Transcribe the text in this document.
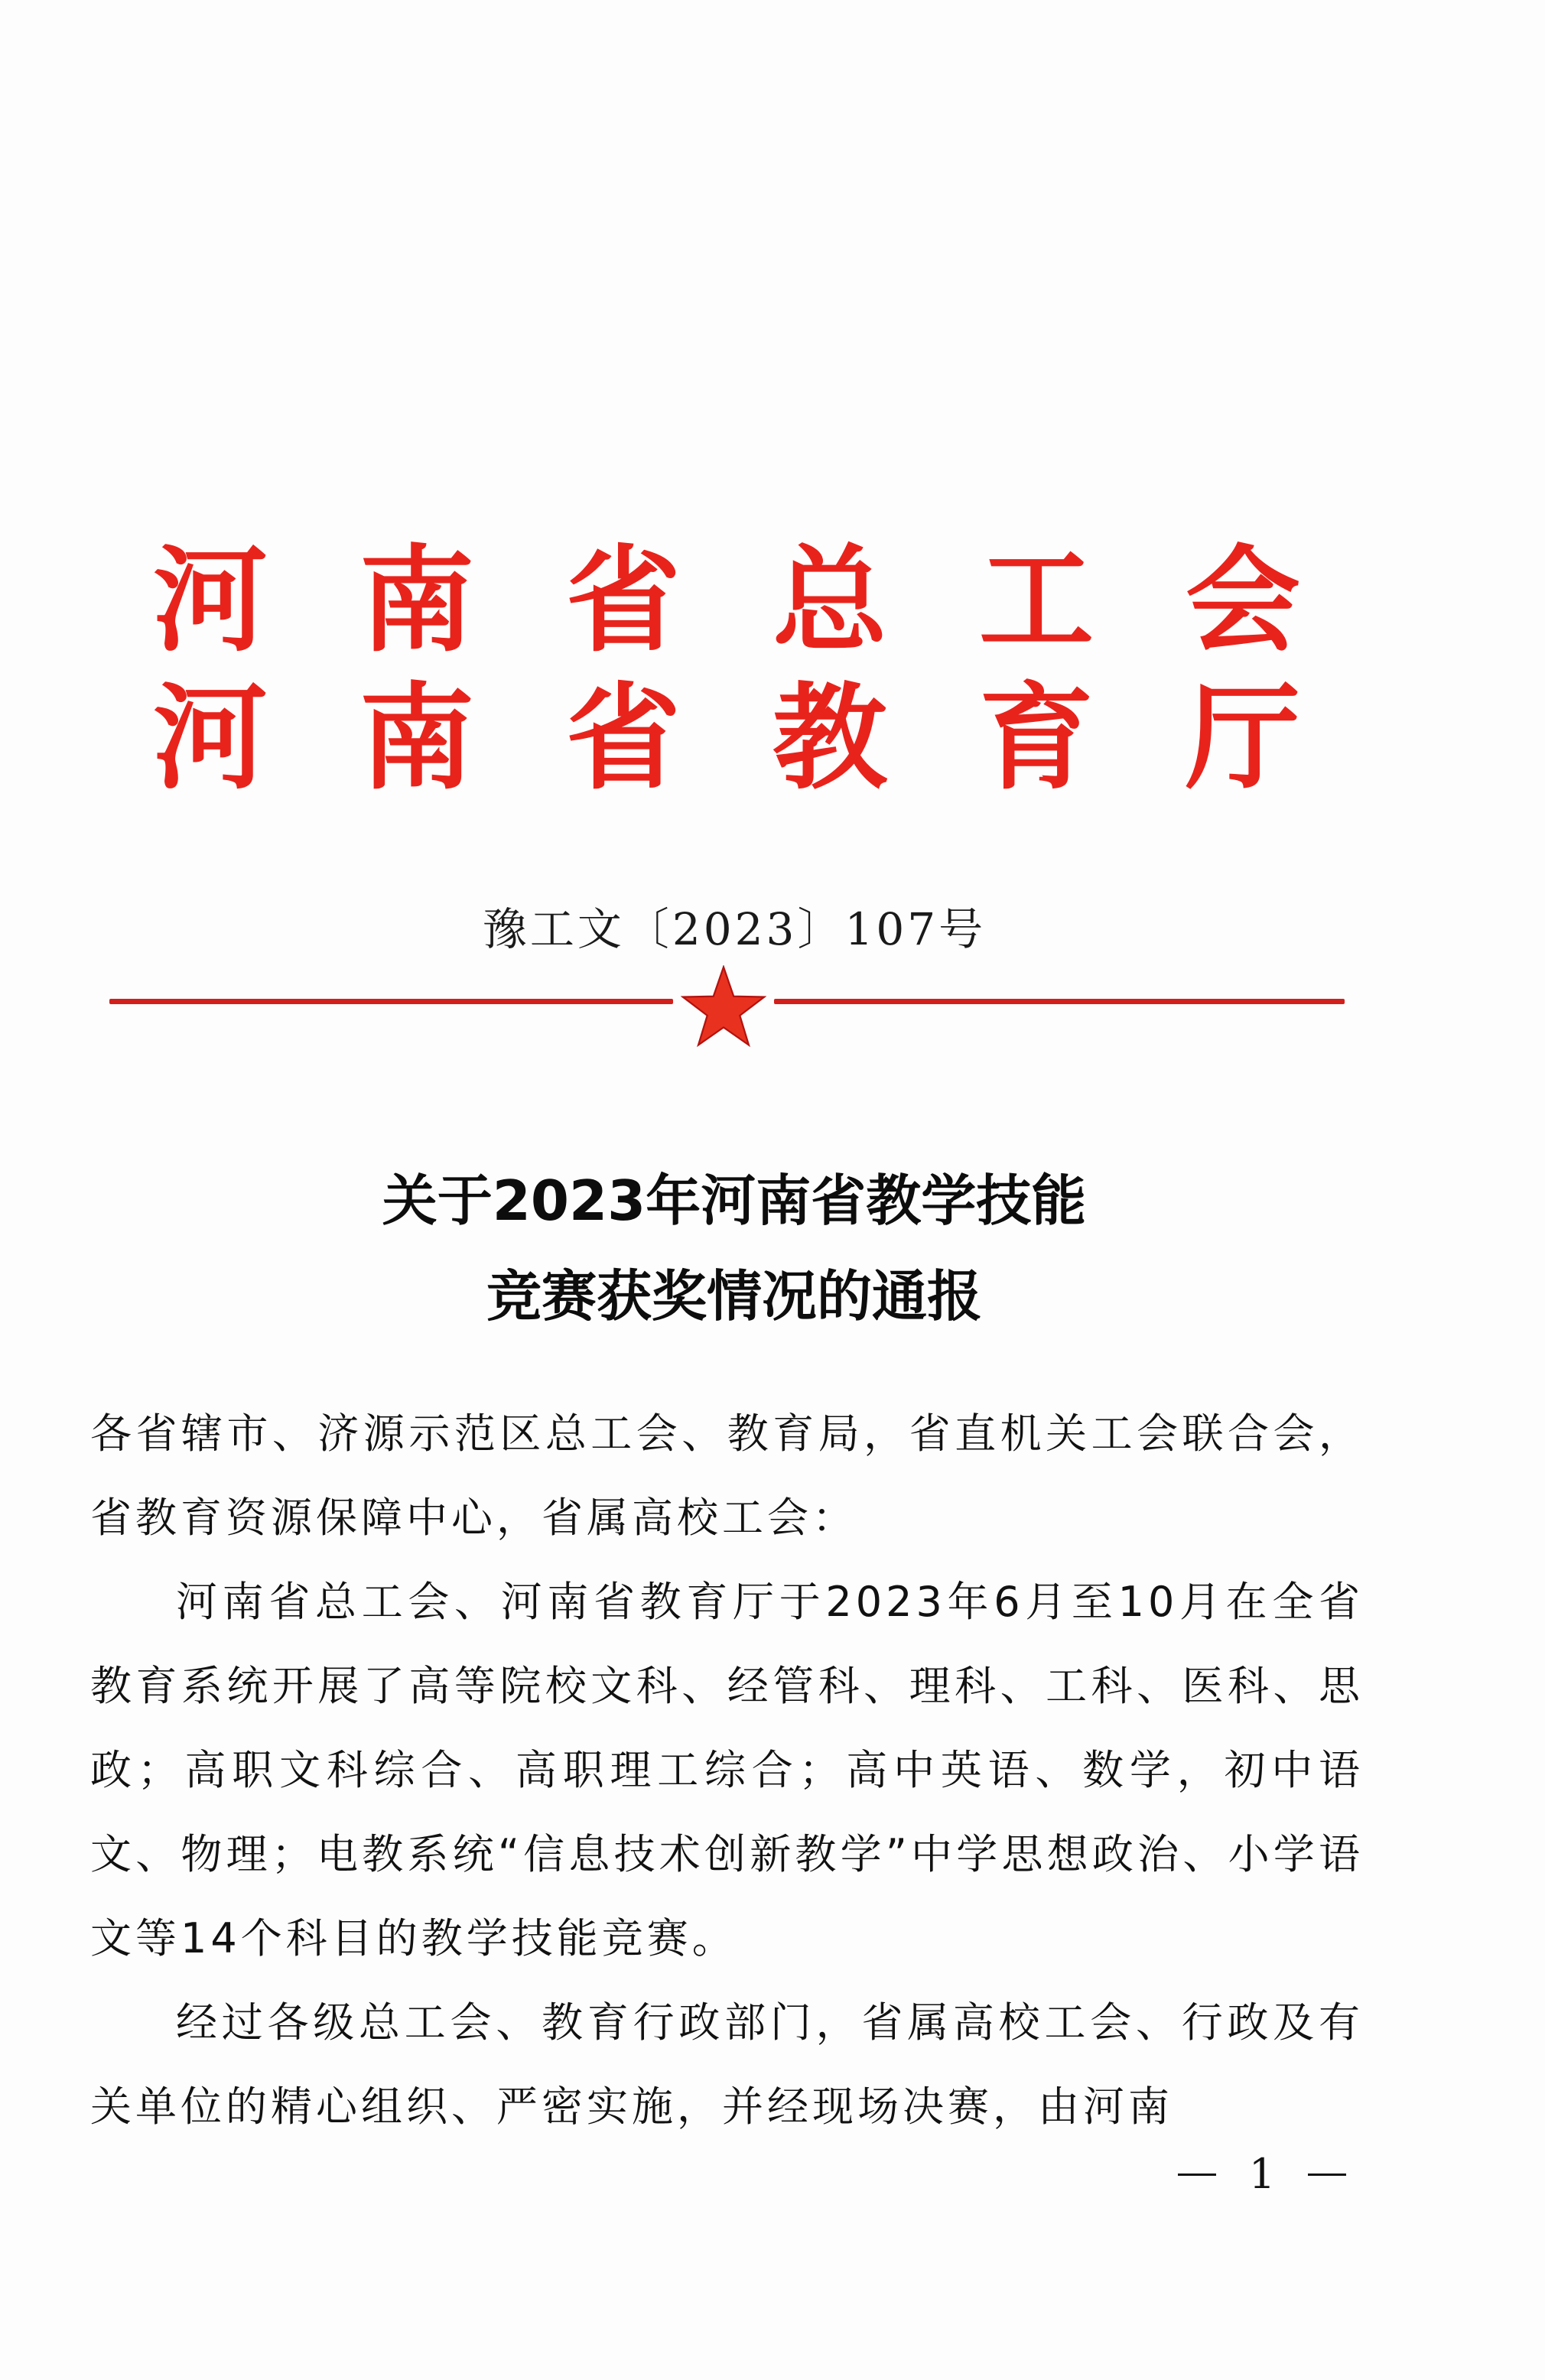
河 南 省 总 工 会
河 南 省 教 育 厅
豫工文〔2023〕107号
关于2023年河南省教学技能
竞赛获奖情况的通报

各省辖市、济源示范区总工会、教育局，省直机关工会联合会，省教育资源保障中心，省属高校工会：

河南省总工会、河南省教育厅于2023年6月至10月在全省教育系统开展了高等院校文科、经管科、理科、工科、医科、思政；高职文科综合、高职理工综合；高中英语、数学，初中语文、物理；电教系统“信息技术创新教学”中学思想政治、小学语文等14个科目的教学技能竞赛。

经过各级总工会、教育行政部门，省属高校工会、行政及有关单位的精心组织、严密实施，并经现场决赛，由河南

1
